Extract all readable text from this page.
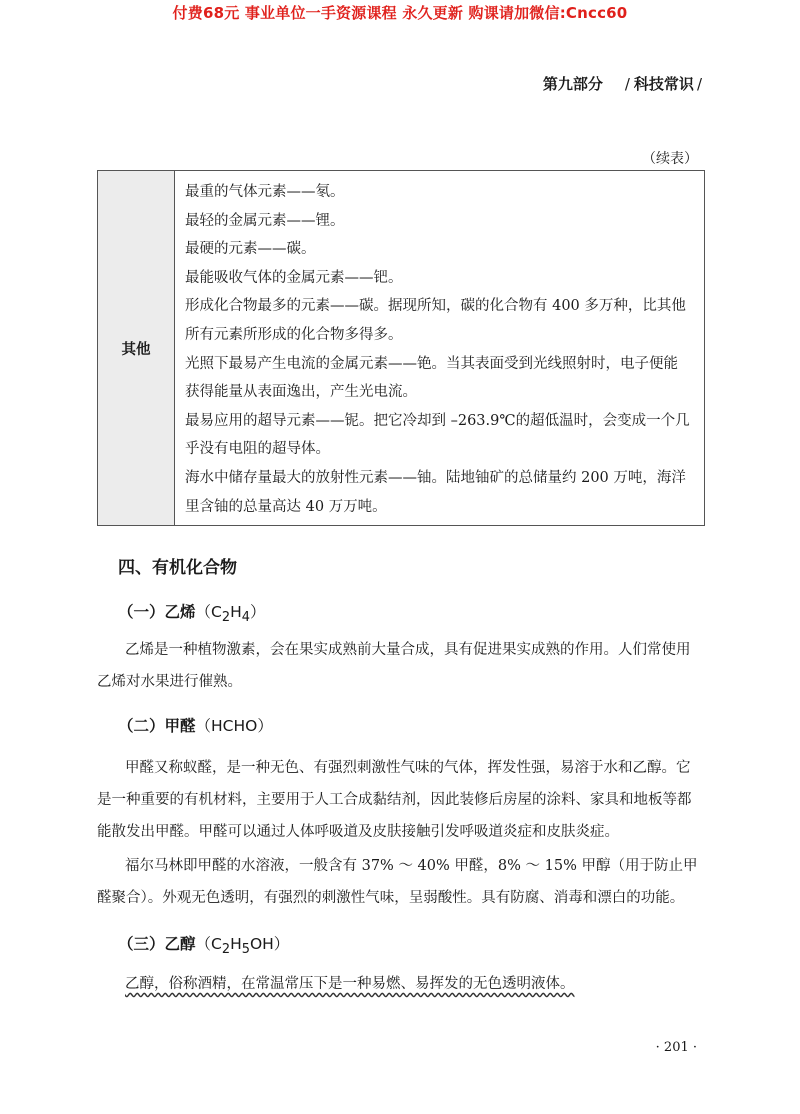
付费68元 事业单位一手资源课程 永久更新 购课请加微信:Cncc60
第九部分 / 科技常识 /
（续表）
其他	
最重的气体元素——氡。
最轻的金属元素——锂。
最硬的元素——碳。
最能吸收气体的金属元素——钯。
形成化合物最多的元素——碳。据现所知，碳的化合物有 400 多万种，比其他
所有元素所形成的化合物多得多。
光照下最易产生电流的金属元素——铯。当其表面受到光线照射时，电子便能
获得能量从表面逸出，产生光电流。
最易应用的超导元素——铌。把它冷却到 –263.9℃的超低温时，会变成一个几
乎没有电阻的超导体。
海水中储存量最大的放射性元素——铀。陆地铀矿的总储量约 200 万吨，海洋
里含铀的总量高达 40 万万吨。
四、有机化合物
（一）乙烯$(C_2H_4)$
乙烯是一种植物激素，会在果实成熟前大量合成，具有促进果实成熟的作用。人们常使用
乙烯对水果进行催熟。
（二）甲醛（HCHO）
甲醛又称蚁醛，是一种无色、有强烈刺激性气味的气体，挥发性强，易溶于水和乙醇。它
是一种重要的有机材料，主要用于人工合成黏结剂，因此装修后房屋的涂料、家具和地板等都
能散发出甲醛。甲醛可以通过人体呼吸道及皮肤接触引发呼吸道炎症和皮肤炎症。
福尔马林即甲醛的水溶液，一般含有 37% ～ 40% 甲醛，8% ～ 15% 甲醇（用于防止甲
醛聚合）。外观无色透明，有强烈的刺激性气味，呈弱酸性。具有防腐、消毒和漂白的功能。
（三）乙醇$(C_2H_5OH)$
乙醇，俗称酒精，在常温常压下是一种易燃、易挥发的无色透明液体。
· 201 ·
